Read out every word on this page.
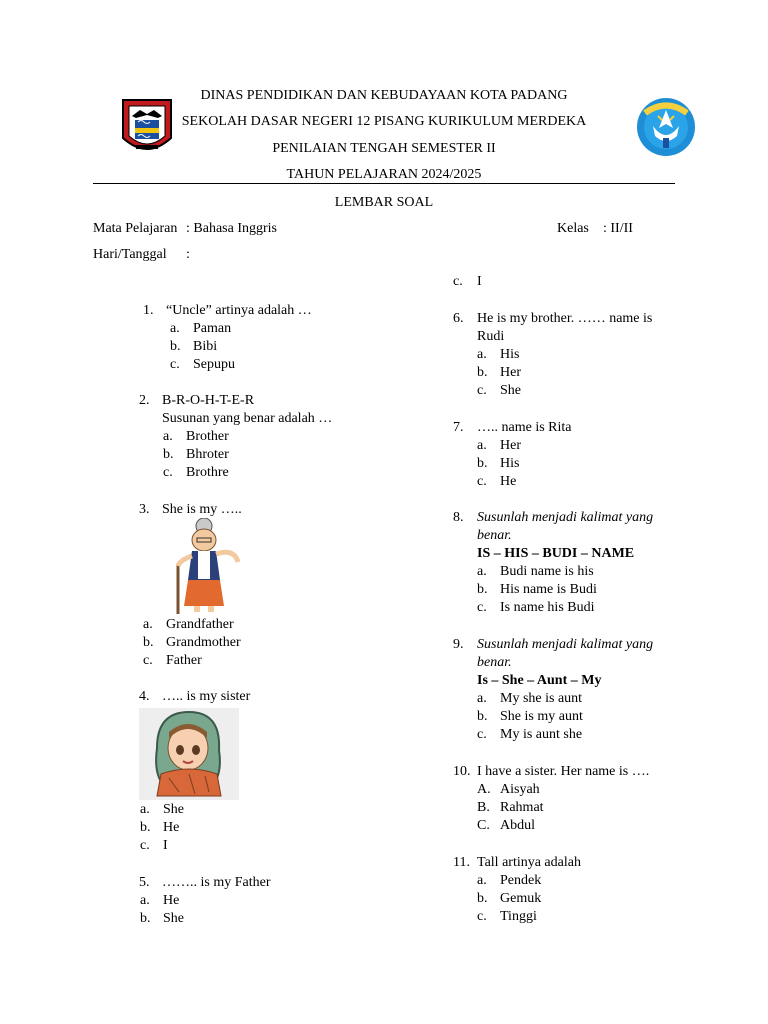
DINAS PENDIDIKAN DAN KEBUDAYAAN KOTA PADANG
SEKOLAH DASAR NEGERI 12 PISANG KURIKULUM MERDEKA
PENILAIAN TENGAH SEMESTER II
TAHUN PELAJARAN 2024/2025
LEMBAR SOAL
Mata Pelajaran : Bahasa Inggris	Kelas : II/II
Hari/Tanggal :
1. “Uncle” artinya adalah …
a. Paman
b. Bibi
c. Sepupu
2. B-R-O-H-T-E-R
Susunan yang benar adalah …
a. Brother
b. Bhroter
c. Brothre
3. She is my …..
a. Grandfather
b. Grandmother
c. Father
4. ….. is my sister
a. She
b. He
c. I
5. …….. is my Father
a. He
b. She
c. I
6. He is my brother. …… name is
Rudi
a. His
b. Her
c. She
7. ….. name is Rita
a. Her
b. His
c. He
8. Susunlah menjadi kalimat yang
benar.
IS – HIS – BUDI – NAME
a. Budi name is his
b. His name is Budi
c. Is name his Budi
9. Susunlah menjadi kalimat yang
benar.
Is – She – Aunt – My
a. My she is aunt
b. She is my aunt
c. My is aunt she
10. I have a sister. Her name is ….
A. Aisyah
B. Rahmat
C. Abdul
11. Tall artinya adalah
a. Pendek
b. Gemuk
c. Tinggi
